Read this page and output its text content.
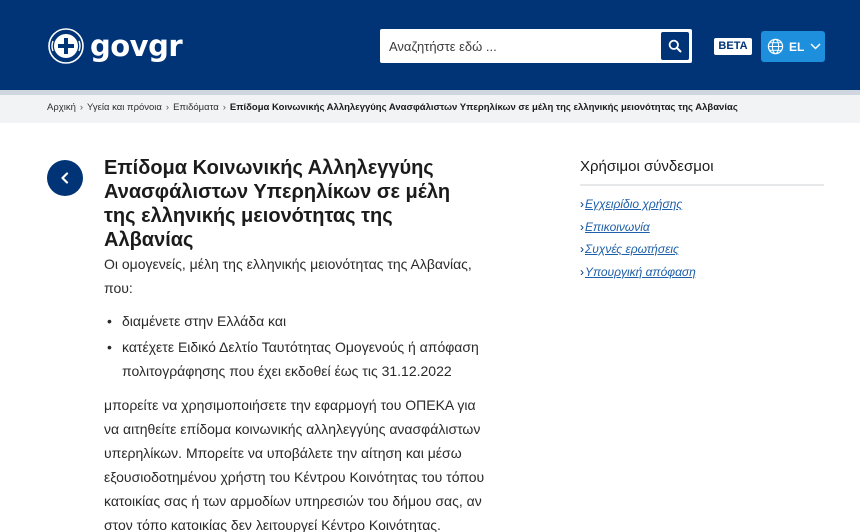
govgr
Αναζητήστε εδώ ...	BETA	EL
Αρχική › Υγεία και πρόνοια › Επιδόματα › Επίδομα Κοινωνικής Αλληλεγγύης Ανασφάλιστων Υπερηλίκων σε μέλη της ελληνικής μειονότητας της Αλβανίας
Επίδομα Κοινωνικής Αλληλεγγύης Ανασφάλιστων Υπερηλίκων σε μέλη της ελληνικής μειονότητας της Αλβανίας

Οι ομογενείς, μέλη της ελληνικής μειονότητας της Αλβανίας, που:

• διαμένετε στην Ελλάδα και
• κατέχετε Ειδικό Δελτίο Ταυτότητας Ομογενούς ή απόφαση πολιτογράφησης που έχει εκδοθεί έως τις 31.12.2022

μπορείτε να χρησιμοποιήσετε την εφαρμογή του ΟΠΕΚΑ για να αιτηθείτε επίδομα κοινωνικής αλληλεγγύης ανασφάλιστων υπερηλίκων. Μπορείτε να υποβάλετε την αίτηση και μέσω εξουσιοδοτημένου χρήστη του Κέντρου Κοινότητας του τόπου κατοικίας σας ή των αρμοδίων υπηρεσιών του δήμου σας, αν στον τόπο κατοικίας δεν λειτουργεί Κέντρο Κοινότητας.

Χρήσιμοι σύνδεσμοι
›Εγχειρίδιο χρήσης
›Επικοινωνία
›Συχνές ερωτήσεις
›Υπουργική απόφαση
